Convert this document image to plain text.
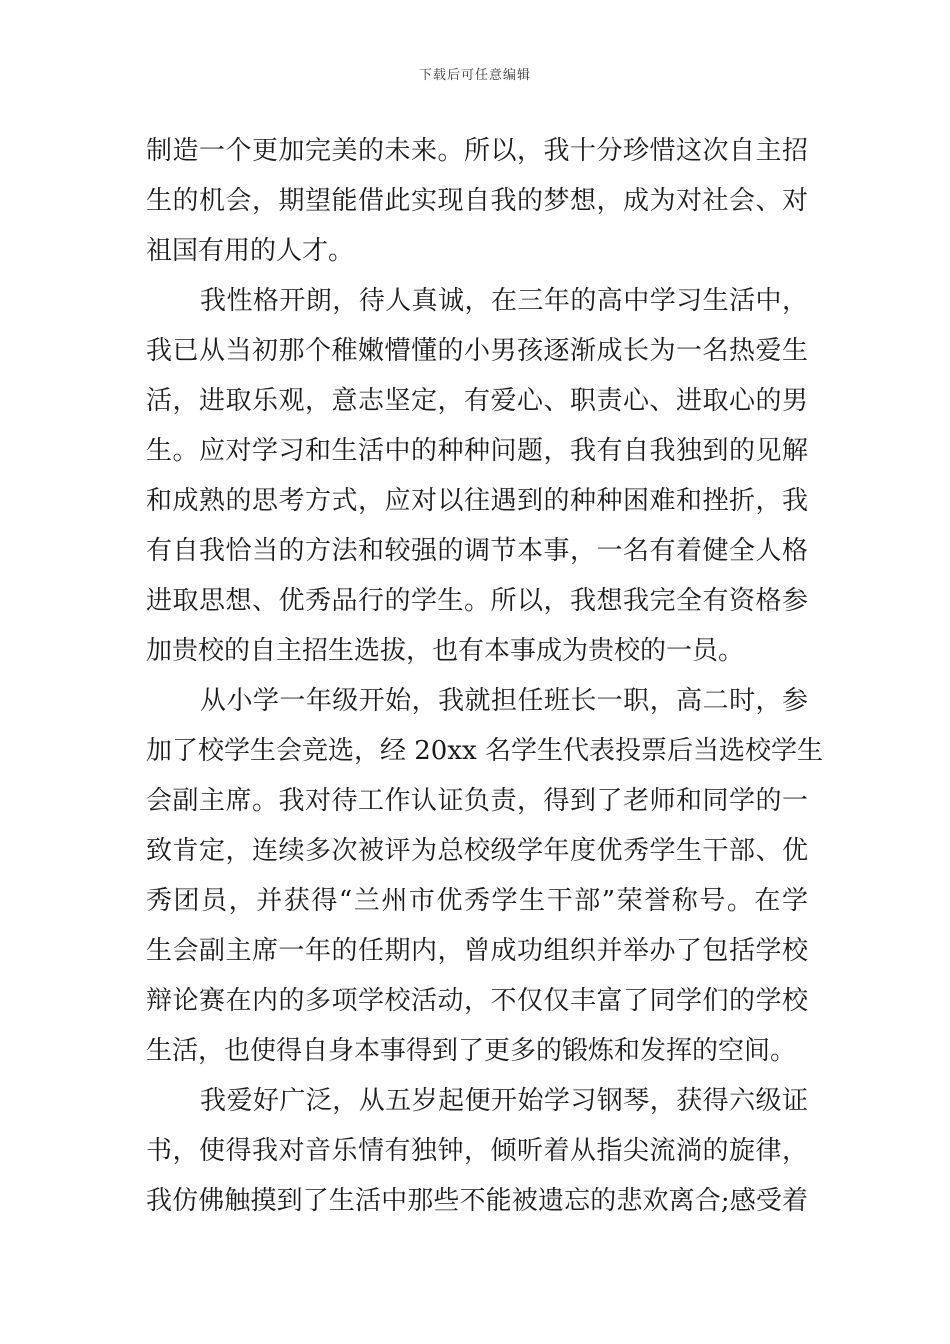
下载后可任意编辑
制造一个更加完美的未来。所以，我十分珍惜这次自主招
生的机会，期望能借此实现自我的梦想，成为对社会、对
祖国有用的人才。
我性格开朗，待人真诚，在三年的高中学习生活中，
我已从当初那个稚嫩懵懂的小男孩逐渐成长为一名热爱生
活，进取乐观，意志坚定，有爱心、职责心、进取心的男
生。应对学习和生活中的种种问题，我有自我独到的见解
和成熟的思考方式，应对以往遇到的种种困难和挫折，我
有自我恰当的方法和较强的调节本事，一名有着健全人格
进取思想、优秀品行的学生。所以，我想我完全有资格参
加贵校的自主招生选拔，也有本事成为贵校的一员。
从小学一年级开始，我就担任班长一职，高二时，参
加了校学生会竞选，经 20xx 名学生代表投票后当选校学生
会副主席。我对待工作认证负责，得到了老师和同学的一
致肯定，连续多次被评为总校级学年度优秀学生干部、优
秀团员，并获得“兰州市优秀学生干部”荣誉称号。在学
生会副主席一年的任期内，曾成功组织并举办了包括学校
辩论赛在内的多项学校活动，不仅仅丰富了同学们的学校
生活，也使得自身本事得到了更多的锻炼和发挥的空间。
我爱好广泛，从五岁起便开始学习钢琴，获得六级证
书，使得我对音乐情有独钟，倾听着从指尖流淌的旋律，
我仿佛触摸到了生活中那些不能被遗忘的悲欢离合;感受着
